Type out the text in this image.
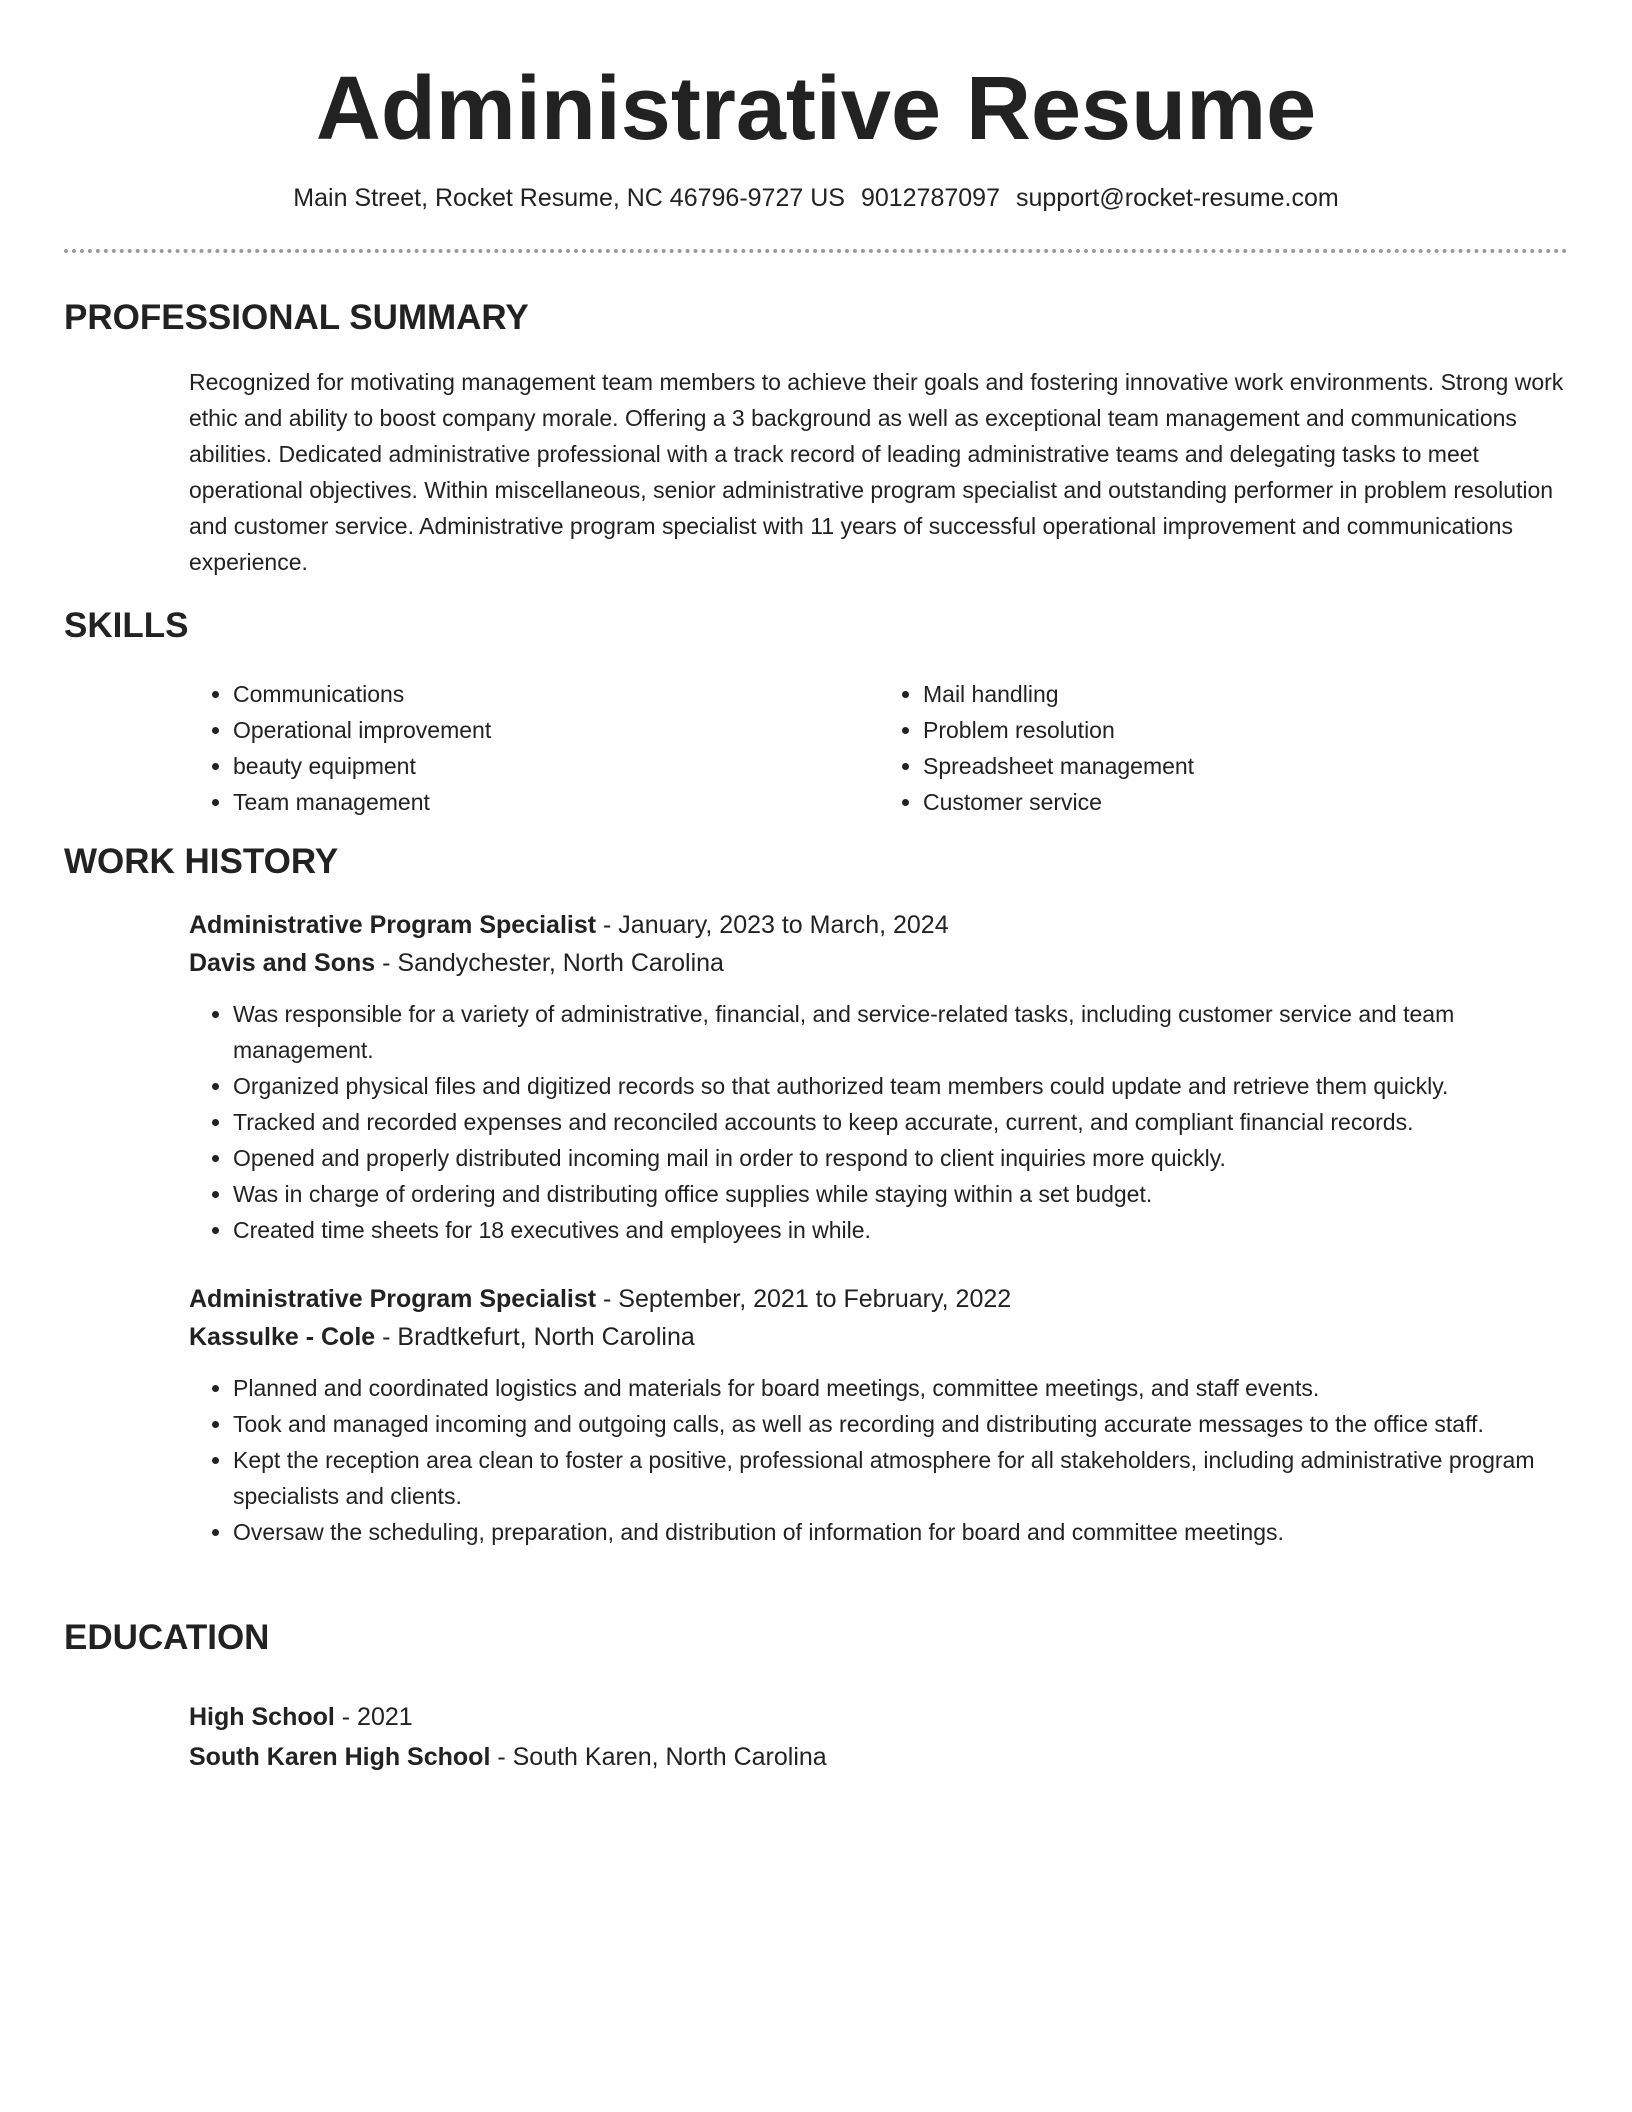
Administrative Resume
Main Street, Rocket Resume, NC 46796-9727 US 9012787097 support@rocket-resume.com
PROFESSIONAL SUMMARY

Recognized for motivating management team members to achieve their goals and fostering innovative work environments. Strong work ethic and ability to boost company morale. Offering a 3 background as well as exceptional team management and communications abilities. Dedicated administrative professional with a track record of leading administrative teams and delegating tasks to meet operational objectives. Within miscellaneous, senior administrative program specialist and outstanding performer in problem resolution and customer service. Administrative program specialist with 11 years of successful operational improvement and communications experience.

SKILLS
• Communications
• Operational improvement
• beauty equipment
• Team management
• Mail handling
• Problem resolution
• Spreadsheet management
• Customer service
WORK HISTORY

Administrative Program Specialist - January, 2023 to March, 2024

Davis and Sons - Sandychester, North Carolina

• Was responsible for a variety of administrative, financial, and service-related tasks, including customer service and team management.
• Organized physical files and digitized records so that authorized team members could update and retrieve them quickly.
• Tracked and recorded expenses and reconciled accounts to keep accurate, current, and compliant financial records.
• Opened and properly distributed incoming mail in order to respond to client inquiries more quickly.
• Was in charge of ordering and distributing office supplies while staying within a set budget.
• Created time sheets for 18 executives and employees in while.

Administrative Program Specialist - September, 2021 to February, 2022

Kassulke - Cole - Bradtkefurt, North Carolina

• Planned and coordinated logistics and materials for board meetings, committee meetings, and staff events.
• Took and managed incoming and outgoing calls, as well as recording and distributing accurate messages to the office staff.
• Kept the reception area clean to foster a positive, professional atmosphere for all stakeholders, including administrative program specialists and clients.
• Oversaw the scheduling, preparation, and distribution of information for board and committee meetings.
EDUCATION

High School - 2021

South Karen High School - South Karen, North Carolina
